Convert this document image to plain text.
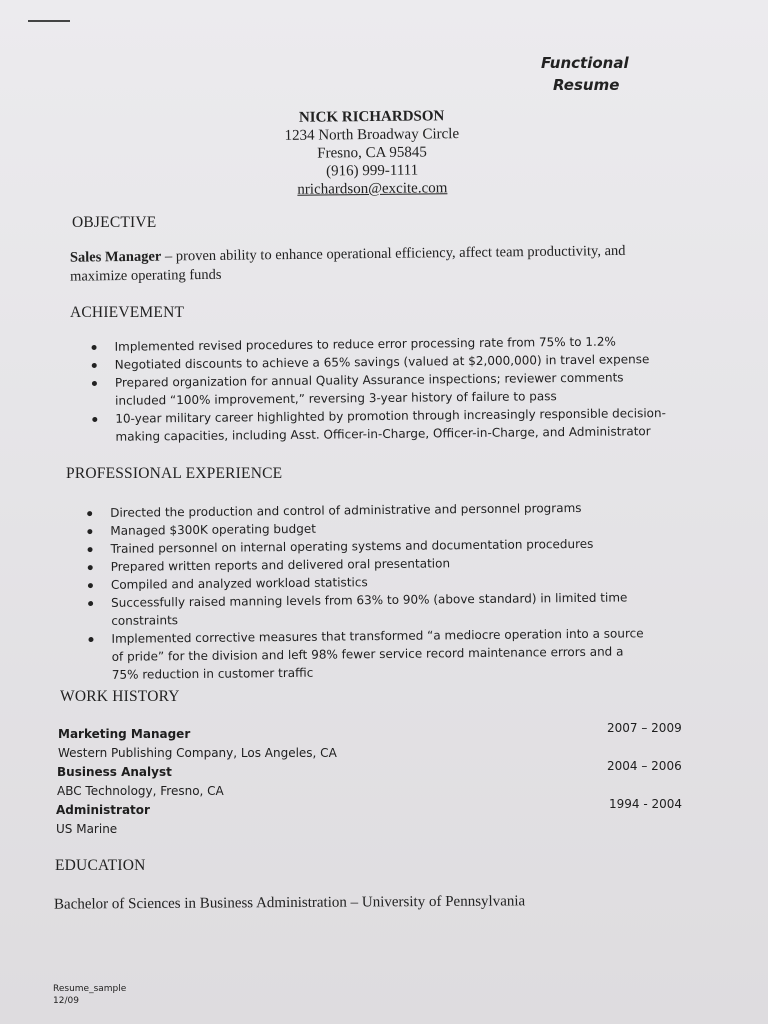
Functional
Resume
NICK RICHARDSON
1234 North Broadway Circle
Fresno, CA 95845
(916) 999-1111
nrichardson@excite.com
OBJECTIVE
Sales Manager – proven ability to enhance operational efficiency, affect team productivity, and maximize operating funds
ACHIEVEMENT
Implemented revised procedures to reduce error processing rate from 75% to 1.2%
Negotiated discounts to achieve a 65% savings (valued at $2,000,000) in travel expense
Prepared organization for annual Quality Assurance inspections; reviewer comments included “100% improvement,” reversing 3-year history of failure to pass
10-year military career highlighted by promotion through increasingly responsible decision-making capacities, including Asst. Officer-in-Charge, Officer-in-Charge, and Administrator
PROFESSIONAL EXPERIENCE
Directed the production and control of administrative and personnel programs
Managed $300K operating budget
Trained personnel on internal operating systems and documentation procedures
Prepared written reports and delivered oral presentation
Compiled and analyzed workload statistics
Successfully raised manning levels from 63% to 90% (above standard) in limited time constraints
Implemented corrective measures that transformed “a mediocre operation into a source of pride” for the division and left 98% fewer service record maintenance errors and a 75% reduction in customer traffic
WORK HISTORY
Marketing Manager
Western Publishing Company, Los Angeles, CA
2007 – 2009
Business Analyst
ABC Technology, Fresno, CA
2004 – 2006
Administrator
US Marine
1994 - 2004
EDUCATION
Bachelor of Sciences in Business Administration – University of Pennsylvania
Resume_sample
12/09
